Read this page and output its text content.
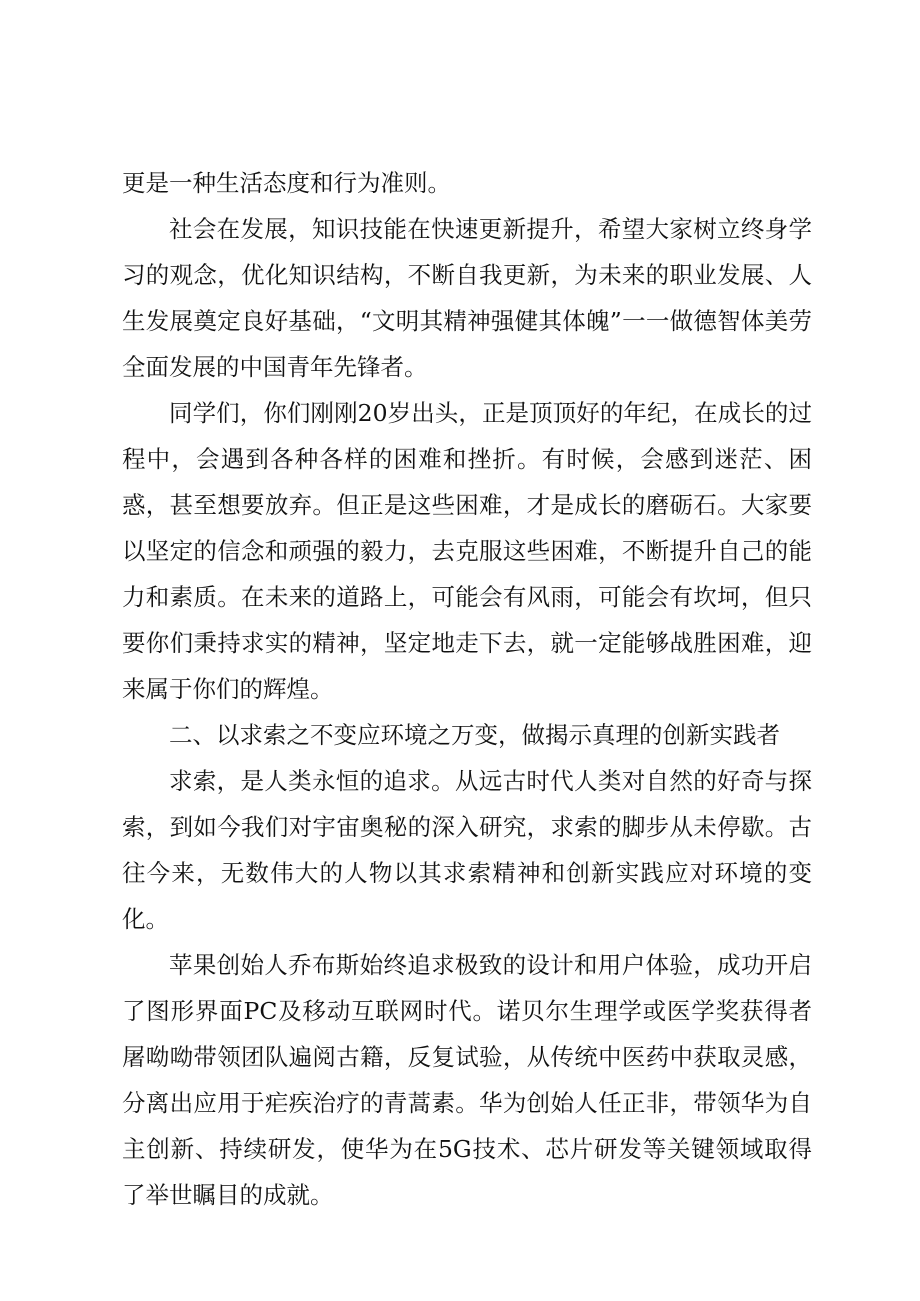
更是一种生活态度和行为准则。

社会在发展，知识技能在快速更新提升，希望大家树立终身学习的观念，优化知识结构，不断自我更新，为未来的职业发展、人生发展奠定良好基础，“文明其精神强健其体魄”一一做德智体美劳全面发展的中国青年先锋者。

同学们，你们刚刚20岁出头，正是顶顶好的年纪，在成长的过程中，会遇到各种各样的困难和挫折。有时候，会感到迷茫、困惑，甚至想要放弃。但正是这些困难，才是成长的磨砺石。大家要以坚定的信念和顽强的毅力，去克服这些困难，不断提升自己的能力和素质。在未来的道路上，可能会有风雨，可能会有坎坷，但只要你们秉持求实的精神，坚定地走下去，就一定能够战胜困难，迎来属于你们的辉煌。

二、以求索之不变应环境之万变，做揭示真理的创新实践者

求索，是人类永恒的追求。从远古时代人类对自然的好奇与探索，到如今我们对宇宙奥秘的深入研究，求索的脚步从未停歇。古往今来，无数伟大的人物以其求索精神和创新实践应对环境的变化。

苹果创始人乔布斯始终追求极致的设计和用户体验，成功开启了图形界面PC及移动互联网时代。诺贝尔生理学或医学奖获得者屠呦呦带领团队遍阅古籍，反复试验，从传统中医药中获取灵感，分离出应用于疟疾治疗的青蒿素。华为创始人任正非，带领华为自主创新、持续研发，使华为在5G技术、芯片研发等关键领域取得了举世瞩目的成就。
